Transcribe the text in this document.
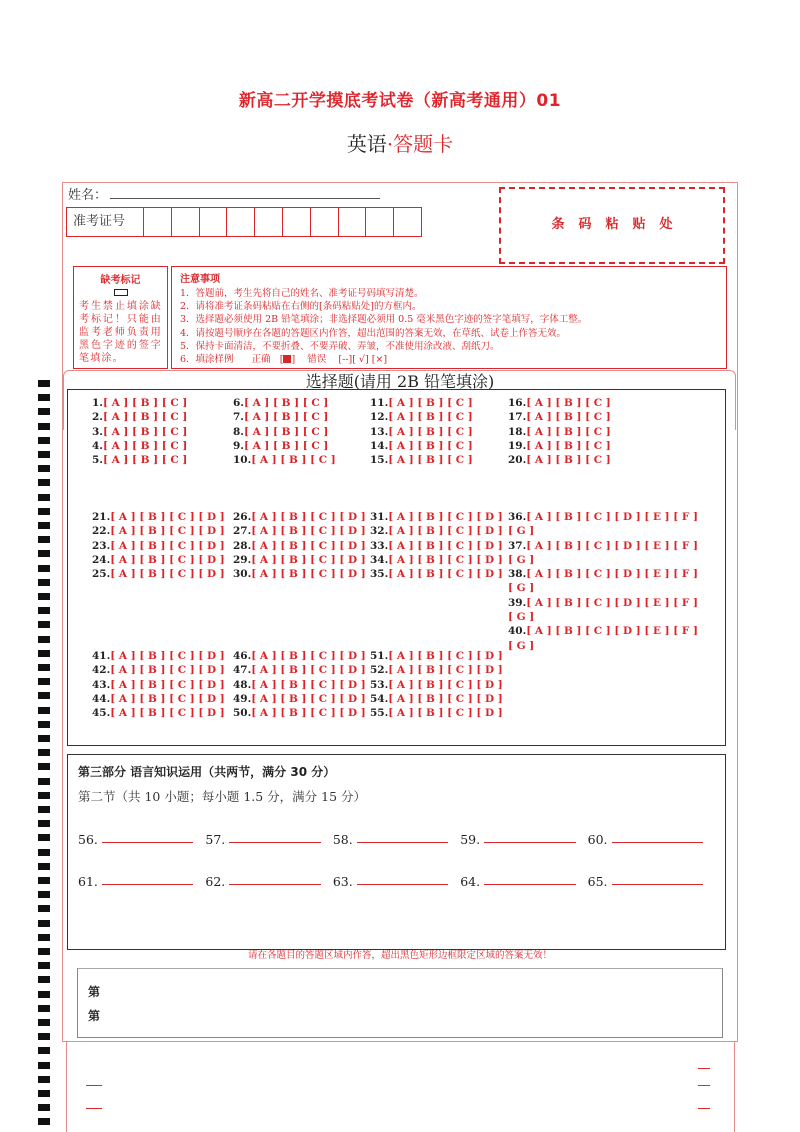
新高二开学摸底考试卷（新高考通用）01
英语·答题卡
姓名：
准考证号	条码粘贴处
缺考标记
考生禁止填涂缺考标记！只能由监考老师负责用黑色字迹的签字笔填涂。
注意事项
1．答题前，考生先将自己的姓名、准考证号码填写清楚。
2．请将准考证条码粘贴在右侧的[条码粘贴处]的方框内。
3．选择题必须使用 2B 铅笔填涂；非选择题必须用 0.5 毫米黑色字迹的签字笔填写，字体工整。
4．请按题号顺序在各题的答题区内作答，超出范围的答案无效，在草纸、试卷上作答无效。
5．保持卡面清洁，不要折叠、不要弄破、弄皱，不准使用涂改液、刮纸刀。
6．填涂样例 正确   [ ]    错误 [--][ √] [×]
选择题(请用 2B 铅笔填涂)
1.[ A ] [ B ] [ C ]
2.[ A ] [ B ] [ C ]
3.[ A ] [ B ] [ C ]
4.[ A ] [ B ] [ C ]
5.[ A ] [ B ] [ C ]
6.[ A ] [ B ] [ C ]
7.[ A ] [ B ] [ C ]
8.[ A ] [ B ] [ C ]
9.[ A ] [ B ] [ C ]
10.[ A ] [ B ] [ C ]
11.[ A ] [ B ] [ C ]
12.[ A ] [ B ] [ C ]
13.[ A ] [ B ] [ C ]
14.[ A ] [ B ] [ C ]
15.[ A ] [ B ] [ C ]
16.[ A ] [ B ] [ C ]
17.[ A ] [ B ] [ C ]
18.[ A ] [ B ] [ C ]
19.[ A ] [ B ] [ C ]
20.[ A ] [ B ] [ C ]
21.[ A ] [ B ] [ C ] [ D ]
22.[ A ] [ B ] [ C ] [ D ]
23.[ A ] [ B ] [ C ] [ D ]
24.[ A ] [ B ] [ C ] [ D ]
25.[ A ] [ B ] [ C ] [ D ]
26.[ A ] [ B ] [ C ] [ D ]
27.[ A ] [ B ] [ C ] [ D ]
28.[ A ] [ B ] [ C ] [ D ]
29.[ A ] [ B ] [ C ] [ D ]
30.[ A ] [ B ] [ C ] [ D ]
31.[ A ] [ B ] [ C ] [ D ]
32.[ A ] [ B ] [ C ] [ D ]
33.[ A ] [ B ] [ C ] [ D ]
34.[ A ] [ B ] [ C ] [ D ]
35.[ A ] [ B ] [ C ] [ D ]
36.[ A ] [ B ] [ C ] [ D ] [ E ] [ F ] [ G ]
37.[ A ] [ B ] [ C ] [ D ] [ E ] [ F ] [ G ]
38.[ A ] [ B ] [ C ] [ D ] [ E ] [ F ] [ G ]
39.[ A ] [ B ] [ C ] [ D ] [ E ] [ F ] [ G ]
40.[ A ] [ B ] [ C ] [ D ] [ E ] [ F ] [ G ]
41.[ A ] [ B ] [ C ] [ D ]
42.[ A ] [ B ] [ C ] [ D ]
43.[ A ] [ B ] [ C ] [ D ]
44.[ A ] [ B ] [ C ] [ D ]
45.[ A ] [ B ] [ C ] [ D ]
46.[ A ] [ B ] [ C ] [ D ]
47.[ A ] [ B ] [ C ] [ D ]
48.[ A ] [ B ] [ C ] [ D ]
49.[ A ] [ B ] [ C ] [ D ]
50.[ A ] [ B ] [ C ] [ D ]
51.[ A ] [ B ] [ C ] [ D ]
52.[ A ] [ B ] [ C ] [ D ]
53.[ A ] [ B ] [ C ] [ D ]
54.[ A ] [ B ] [ C ] [ D ]
55.[ A ] [ B ] [ C ] [ D ]
第三部分 语言知识运用（共两节，满分 30 分）
第二节（共 10 小题；每小题 1.5 分，满分 15 分）
56.	57.	58.	59.	60.
61.	62.	63.	64.	65.
请在各题目的答题区域内作答，超出黑色矩形边框限定区域的答案无效！
第
第
